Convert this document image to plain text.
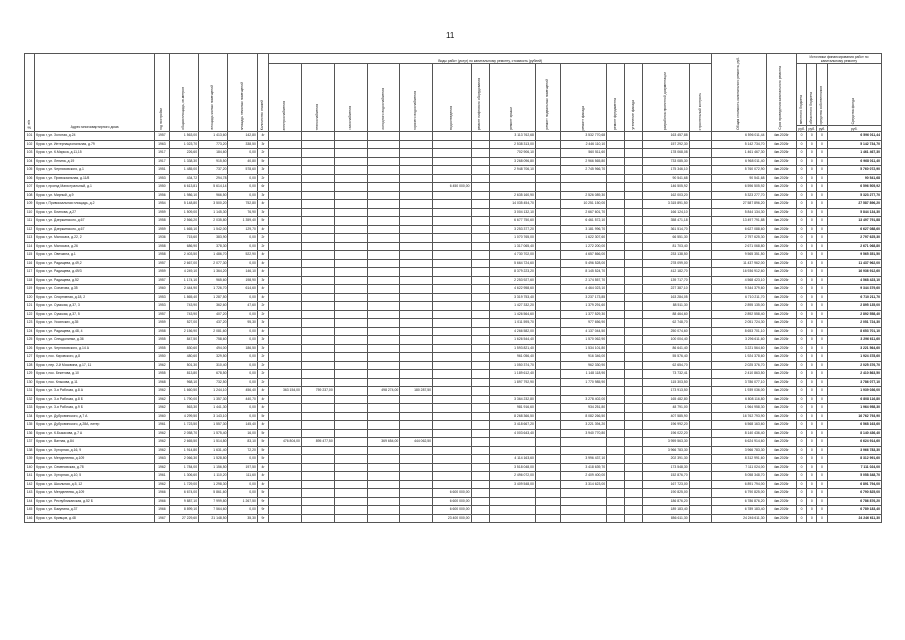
11
№ п/п	Адрес многоквартирного дома	год постройки	общая площадь, кв.метров	площадь жилых помещений	площадь нежилых помещений	Количество этажей	Виды работ (услуг) по капитальному ремонту, стоимость (рублей)														Общая стоимость капитального ремонта, руб.	Срок проведения капитального ремонта	Источники финансирования работ по капитальному ремонту			

							электроснабжения	теплоснабжения	газоснабжения	холодного водоснабжения	горячего водоснабжения	водоотведения	ремонт лифтового оборудования	ремонт крыши	ремонт подвальных помещений	ремонт фасада	ремонт фундамента	утепление фасада	разработка проектной документации	строительный контроль			местного бюджета	областного бюджета	средства собственников	Средства фонда

																							руб.	руб.	руб.	руб.
101	Курск г, ул. Золотая, д.24	1957	1 563,00	1 413,60	142,80	4г								3 113 762,68		3 532 770,68			163 457,88		6 596 011,44	4кв.2026г	0	0	0	6 596 011,44
102	Курск г, ул. Интернациональная, д.79	1963	1 023,70	773,20	338,50	3г								2 538 313,00		2 446 110,10			157 292,30		5 142 734,70	4кв.2026г	0	0	0	5 142 734,70
103	Курск г, ул. К.Маркса, д.11,15	1917	226,60	184,60	0,00	2г								702 906,10		560 511,60			178 068,08		1 461 467,30	4кв.2026г	0	0	0	1 461 467,30
104	Курск г, ул. Ленина, д.19	1917	1 338,30	915,50	40,80	5г								3 268 096,80		2 966 565,80			733 085,30		6 968 011,40	4кв.2026г	0	0	0	6 968 011,40
105	Курск г, ул. Черняховского, д.1	1951	1 485,00	737,20	578,60	3г								2 948 706,10		2 745 966,70			175 346,10		5 760 072,90	4кв.2026г	0	0	0	5 760 072,90
106	Курск г, ул. Привокзальная, д.11/8	1953	434,72	294,78	0,00	2г													90 541,68		90 541,68	4кв.2026г	0	0	0	90 541,68
107	Курск г, проезд Магистральный, д.1	1950	6 613,81	5 614,14	0,00	6г						6 450 000,00							146 505,92		6 596 505,92	4кв.2026г	0	0	0	6 596 505,92
108	Курск г, ул. Мирный, д.9	1956	1 986,10	966,50	0,00	3г								2 635 160,90		2 526 089,30			162 003,20		5 323 277,70	4кв.2026г	0	0	0	5 323 277,70
109	Курск г, Привокзальная площадь, д.2	1954	5 148,80	3 500,20	752,80	4г								14 035 454,70		10 251 150,00			3 315 891,50		27 587 896,20	4кв.2026г	0	0	0	27 587 896,20
110	Курск г, ул. Блинова, д.27	1959	1 509,00	1 145,30	76,90	3г								3 004 132,10		2 667 601,70			166 124,10		5 844 134,30	4кв.2026г	0	0	0	5 844 134,30
111	Курск г, ул. Дзержинского, д.67	1958	2 566,20	2 035,80	1 359,40	5г								6 677 750,60		6 461 572,10			358 471,18		13 497 791,88	4кв.2026г	0	0	0	13 497 791,88
112	Курск г, ул. Дзержинского, д.67	1959	1 665,10	1 542,00	129,70	4г								3 253 377,20		3 181 996,70			361 514,70		6 627 088,60	4кв.2026г	0	0	0	6 627 088,60
113	Курск г, ул. Малосага, д.22, 2	1936	715,60	383,90	0,00	2г								1 070 765,00		1 622 307,60			66 551,30		2 797 625,30	4кв.2026г	0	0	0	2 797 625,30
114	Курск г, ул. Малосага, д.26	1958	686,90	378,30	0,00	2г								1 317 065,40		1 272 200,00			81 703,40		2 671 068,80	4кв.2026г	0	0	0	2 671 068,80
115	Курск г, ул. Овечкина, д.1	1958	2 403,50	1 486,70	522,90	4г								4 730 702,00		4 657 866,00			233 138,50		9 565 351,50	4кв.2026г	0	0	0	9 565 351,50
116	Курск г, ул. Радищева, д.49,2	1957	2 667,00	2 077,30	0,00	4г								5 664 724,60		5 496 528,00			278 099,00		11 437 962,00	4кв.2026г	0	0	0	11 437 962,00
117	Курск г, ул. Радищева, д.49/3	1959	4 249,10	1 364,20	146,10	4г								8 379 223,20		8 145 524,70			412 182,70		16 936 912,60	4кв.2026г	0	0	0	16 936 912,60
118	Курск г, ул. Радищева, д.52	1957	1 174,10	965,60	198,90	3г								2 253 927,60		2 174 557,70			139 717,70		4 568 423,10	4кв.2026г	0	0	0	4 568 423,10
119	Курск г, ул. Сонатова, д.35	1960	2 444,90	1 726,70	614,60	4г								4 622 958,60		4 464 023,10			227 387,10		9 344 379,60	4кв.2026г	0	0	0	9 344 379,60
120	Курск г, ул. Спортивная, д.18, 2	1953	1 865,40	1 287,50	0,00	4г								3 319 753,40		3 237 173,85			163 284,05		6 710 211,70	4кв.2026г	0	0	0	6 710 211,70
121	Курск г, ул. Сумская, д.37, 3	1953	743,90	362,60	47,60	2г								1 427 332,20		1 379 291,60			88 511,30		2 895 135,00	4кв.2026г	0	0	0	2 895 135,00
122	Курск г, ул. Сумская, д.37, 5	1957	743,90	407,20	0,00	2г								1 426 564,60		1 377 529,30			88 464,60		2 892 558,40	4кв.2026г	0	0	0	2 892 558,40
123	Курск г, ул. Уссинских, д.35	1959	527,00	437,20	95,30	3г								1 011 595,70		977 656,90			62 748,70		2 051 724,30	4кв.2026г	0	0	0	2 051 724,30
124	Курск г, ул. Радищева, д.48, 4	1958	2 156,90	2 081,60	0,00	4г								4 266 582,00		4 137 044,50			250 074,60		8 653 701,10	4кв.2026г	0	0	0	8 653 701,10
125	Курск г, ул. Спецдолинки, д.36	1955	847,50	758,60	0,00	3г								1 626 544,40		1 570 062,90			100 004,40		3 296 611,60	4кв.2026г	0	0	0	3 296 611,60
126	Курск г, ул. Черняховского, д.14 А	1955	830,60	494,00	186,50	3г								1 593 821,40		1 534 101,80			86 641,40		3 221 564,60	4кв.2026г	0	0	0	3 221 564,60
127	Курск г, пос. Кировского, д.8	1950	480,60	329,50	0,00	2г								961 056,40		916 346,00			55 576,40		1 924 378,60	4кв.2026г	0	0	0	1 924 378,60
128	Курск г, пер. 2-й Москвина, д.17, 11	1962	501,30	310,40	0,00	2г								1 050 374,70		962 330,90			62 654,70		2 025 376,70	4кв.2026г	0	0	0	2 025 376,70
129	Курск г, пос. Бекетова, д.10	1955	813,80	678,50	0,00	2г								1 189 612,40		1 148 118,90			73 732,41		2 410 863,50	4кв.2026г	0	0	0	2 410 863,50
130	Курск г, пос. Клыкова, д.11	1968	968,10	732,50	0,00	2г								1 897 792,90		1 770 985,90			115 303,50		3 786 077,10	4кв.2026г	0	0	0	3 786 077,10
131	Курск г, ул. 3-я Рабочая, д.8 А	1962	1 660,50	1 244,10	456,40	4г	363 154,00	759 237,00		498 274,00	180 287,50								173 913,50		1 939 036,00	4кв.2026г	0	0	0	1 939 036,00
132	Курск г, ул. 3-я Рабочая, д.8 Б	1962	1 790,00	1 357,30	440,70	4г								3 364 232,80		3 278 402,00			165 482,80		6 808 116,80	4кв.2026г	0	0	0	6 808 116,80
133	Курск г, ул. 3-я Рабочая, д.9 Б	1962	563,30	1 441,30	0,00	4г								981 916,60		934 251,80			48 791,00		1 964 958,30	4кв.2026г	0	0	0	1 964 958,30
134	Курск г, ул. Дубровинского, д.7 А	1960	4 299,50	3 143,10	0,00	5г								8 268 366,50		8 082 266,50			407 585,90		16 762 793,90	4кв.2026г	0	0	0	16 762 793,90
135	Курск г, ул. Дубровинского, д.28А, литер	1961	1 723,50	1 557,30	145,40	4г								3 418 667,20		3 221 394,20			196 992,20		6 568 163,60	4кв.2026г	0	0	0	6 568 163,60
136	Курск г, ул. К.Быкасова, д.7 А	1962	2 058,70	1 575,40	16,00	5г								4 003 643,40		3 940 770,80			196 022,20		8 140 436,40	4кв.2026г	0	0	0	8 140 436,40
137	Курск г, ул. Ватная, д.84	1962	2 665,50	1 514,80	83,10	5г	476 804,00	895 477,50		369 654,00	444 062,50								3 959 563,30		6 624 914,60	4кв.2026г	0	0	0	6 624 914,60
138	Курск г, ул. Хуторная, д.16, 9	1962	1 914,80	1 631,40	72,20	5г													3 966 783,30		3 966 783,30	4кв.2026г	0	0	0	3 966 783,30
139	Курск г, ул. Менделеева, д.109	1963	2 066,30	1 528,80	0,00	5г								4 114 163,60		3 996 437,10			202 391,30		8 312 991,60	4кв.2026г	0	0	0	8 312 991,60
140	Курск г, ул. Семеновская, д.78	1962	1 784,00	1 156,50	197,50	4г								3 518 048,00		3 418 639,70			173 548,30		7 111 024,00	4кв.2026г	0	0	0	7 111 024,00
141	Курск г, ул. Хуторная, д.10, 5	1961	1 306,60	1 110,20	111,60	4г								2 496 072,00		2 409 400,00			152 876,70		5 058 348,70	4кв.2026г	0	0	0	5 058 348,70
142	Курск г, ул. Школьная, д.5, 12	1962	1 729,00	1 298,30	0,00	4г								3 409 548,00		3 314 623,00			167 723,00		6 891 794,00	4кв.2026г	0	0	0	6 891 794,00
143	Курск г, ул. Менделеева, д.109	1966	6 674,00	5 861,60	0,00	5г						6 600 000,00							190 825,00		6 790 825,00	4кв.2026г	0	0	0	6 790 825,00
144	Курск г, ул. Республиканская, д.52 Б	1966	9 887,10	7 999,80	1 267,50	9г						6 600 000,00							186 876,20		6 786 876,20	4кв.2026г	0	0	0	6 786 876,20
145	Курск г, ул. Бакунина, д.37	1966	8 899,10	7 564,60	0,00	9г						6 600 000,00							189 183,40		6 789 183,40	4кв.2026г	0	0	0	6 789 183,40
146	Курск г, ул. Кривцов, д.48	1967	27 229,60	21 148,50	35,30	9г						23 400 000,00							856 611,30		24 246 611,30	4кв.2026г	0	0	0	24 246 611,30
